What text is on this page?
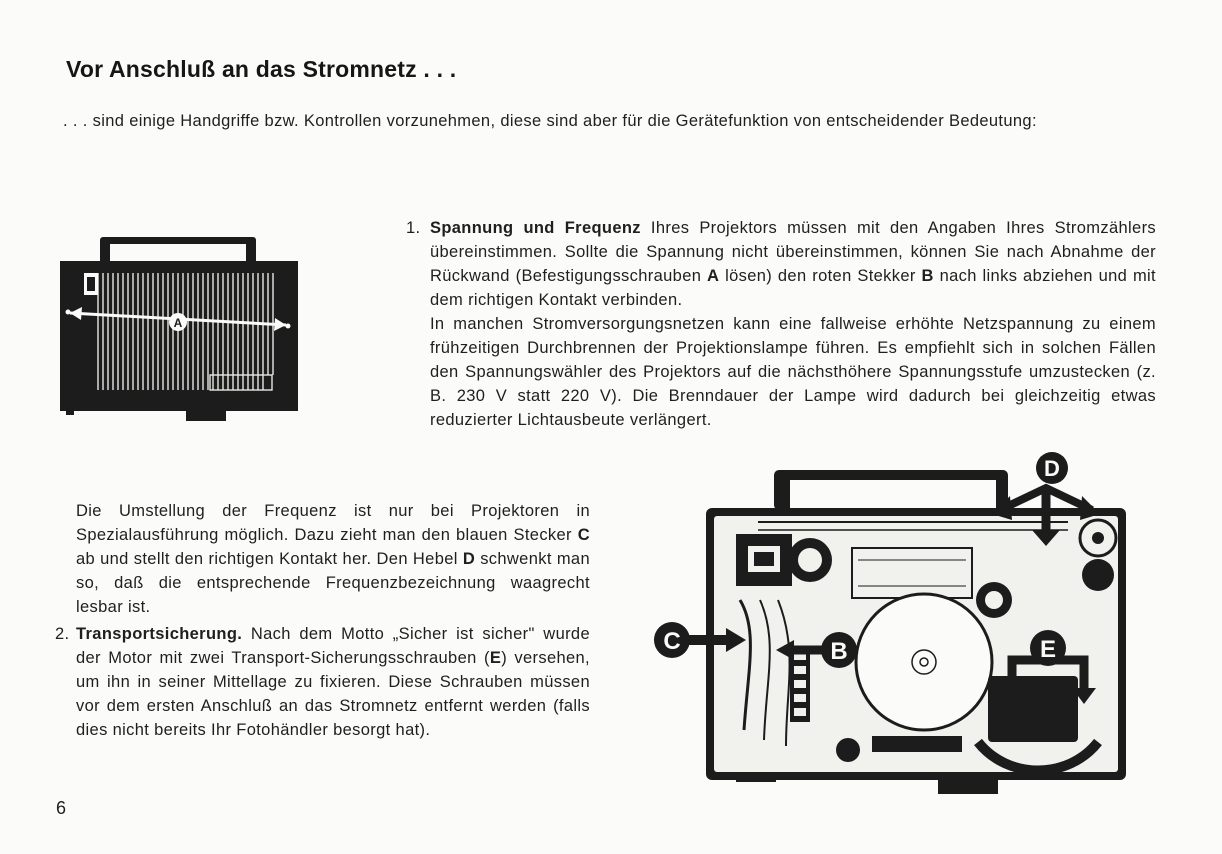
Vor Anschluß an das Stromnetz . . .
. . . sind einige Handgriffe bzw. Kontrollen vorzunehmen, diese sind aber für die Gerätefunktion von entscheidender Bedeutung:
1. Spannung und Frequenz Ihres Projektors müssen mit den Angaben Ihres Stromzählers übereinstimmen. Sollte die Spannung nicht übereinstimmen, können Sie nach Abnahme der Rückwand (Befestigungsschrauben A lösen) den roten Stekker B nach links abziehen und mit dem richtigen Kontakt verbinden.
In manchen Stromversorgungsnetzen kann eine fallweise erhöhte Netzspannung zu einem frühzeitigen Durchbrennen der Projektionslampe führen. Es empfiehlt sich in solchen Fällen den Spannungswähler des Projektors auf die nächsthöhere Spannungsstufe umzustecken (z. B. 230 V statt 220 V). Die Brenndauer der Lampe wird dadurch bei gleichzeitig etwas reduzierter Lichtausbeute verlängert.
Die Umstellung der Frequenz ist nur bei Projektoren in Spezialausführung möglich. Dazu zieht man den blauen Stecker C ab und stellt den richtigen Kontakt her. Den Hebel D schwenkt man so, daß die entsprechende Frequenzbezeichnung waagrecht lesbar ist.
2. Transportsicherung. Nach dem Motto „Sicher ist sicher" wurde der Motor mit zwei Transport-Sicherungsschrauben (E) versehen, um ihn in seiner Mittellage zu fixieren. Diese Schrauben müssen vor dem ersten Anschluß an das Stromnetz entfernt werden (falls dies nicht bereits Ihr Fotohändler besorgt hat).
A
D
C	B	E
6
